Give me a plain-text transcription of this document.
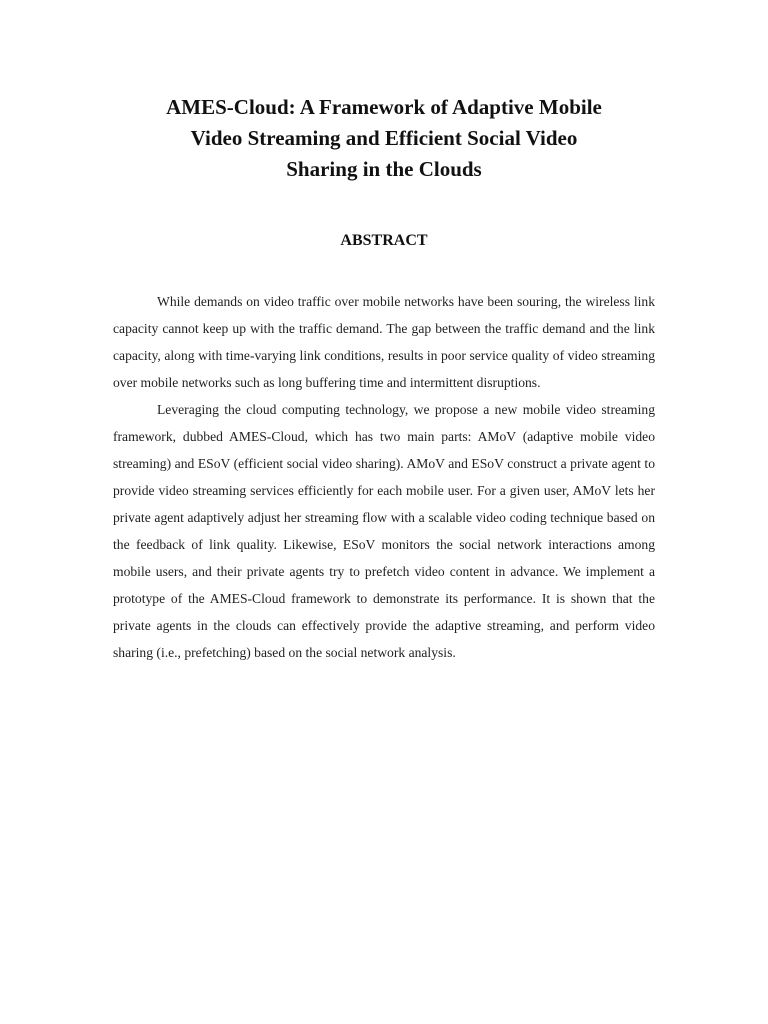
AMES-Cloud: A Framework of Adaptive Mobile
Video Streaming and Efficient Social Video
Sharing in the Clouds
ABSTRACT

While demands on video traffic over mobile networks have been souring, the wireless link capacity cannot keep up with the traffic demand. The gap between the traffic demand and the link capacity, along with time-varying link conditions, results in poor service quality of video streaming over mobile networks such as long buffering time and intermittent disruptions.

Leveraging the cloud computing technology, we propose a new mobile video streaming framework, dubbed AMES-Cloud, which has two main parts: AMoV (adaptive mobile video streaming) and ESoV (efficient social video sharing). AMoV and ESoV construct a private agent to provide video streaming services efficiently for each mobile user. For a given user, AMoV lets her private agent adaptively adjust her streaming flow with a scalable video coding technique based on the feedback of link quality. Likewise, ESoV monitors the social network interactions among mobile users, and their private agents try to prefetch video content in advance. We implement a prototype of the AMES-Cloud framework to demonstrate its performance. It is shown that the private agents in the clouds can effectively provide the adaptive streaming, and perform video sharing (i.e., prefetching) based on the social network analysis.
